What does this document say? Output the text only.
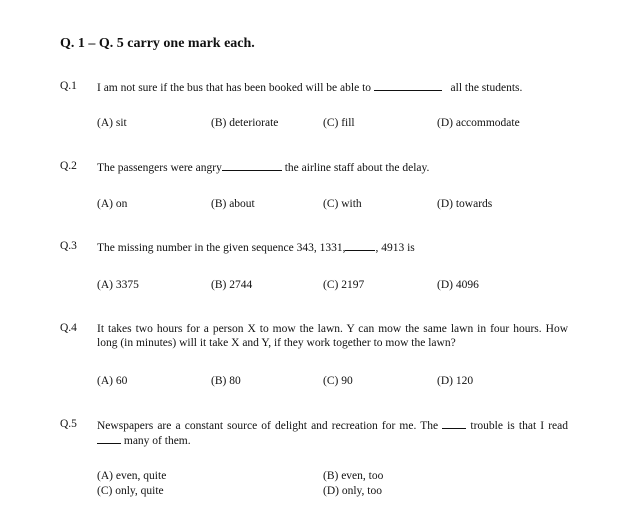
Q. 1 – Q. 5 carry one mark each.
Q.1 I am not sure if the bus that has been booked will be able to	all the students.
(A) sit	(B) deteriorate	(C) fill	(D) accommodate
Q.2 The passengers were angry	the airline staff about the delay.
(A) on	(B) about	(C) with	(D) towards
Q.3 The missing number in the given sequence 343, 1331,	, 4913 is
(A) 3375	(B) 2744	(C) 2197	(D) 4096
Q.4 It takes two hours for a person X to mow the lawn. Y can mow the same lawn in four hours. How long (in minutes) will it take X and Y, if they work together to mow the lawn?
(A) 60	(B) 80	(C) 90	(D) 120
Q.5 Newspapers are a constant source of delight and recreation for me. The	trouble is that I read  many of them.
(A) even, quite	(B) even, too
(C) only, quite	(D) only, too
